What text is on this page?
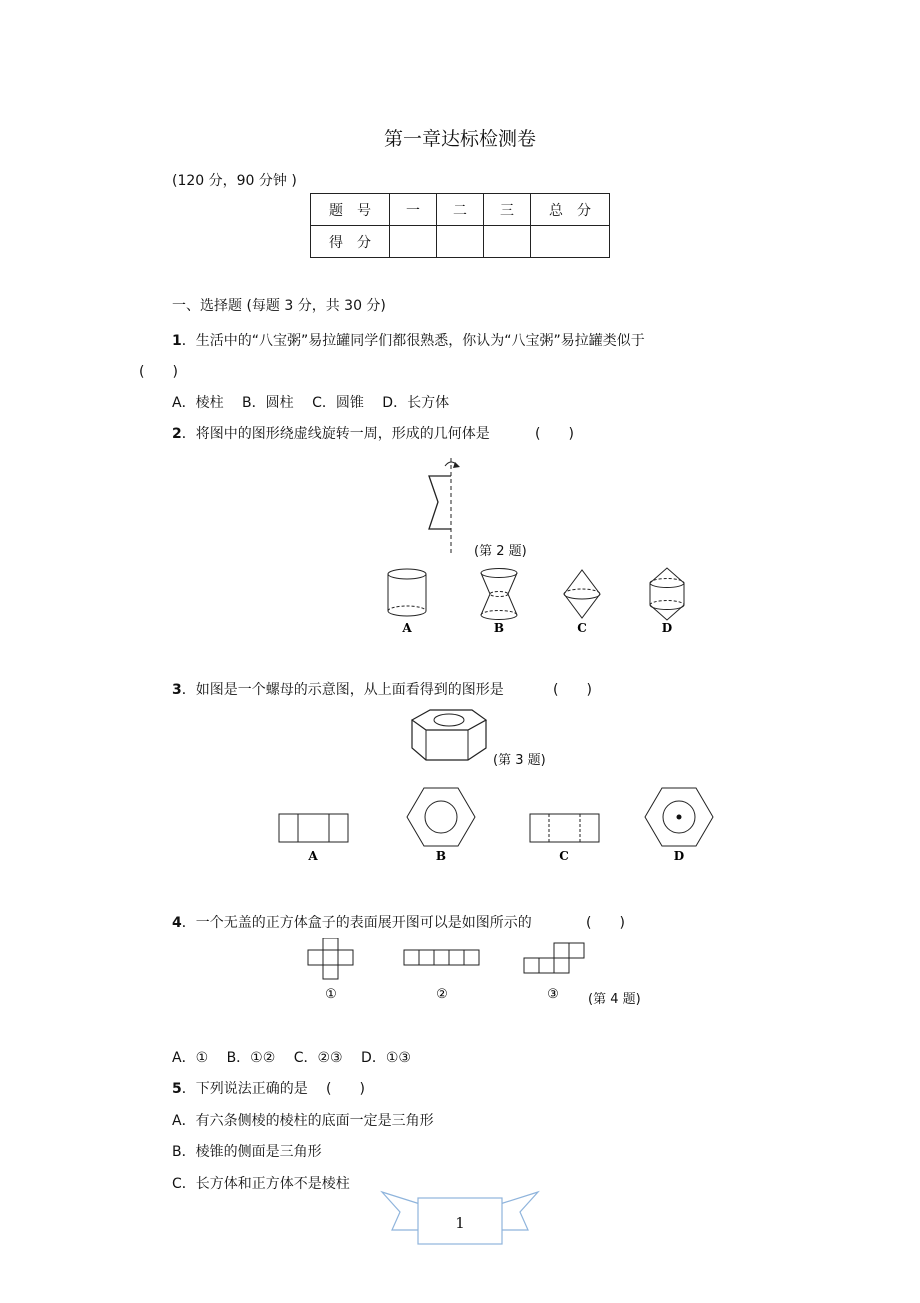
第一章达标检测卷
(120 分，90 分钟 )
题　号	一	二	三	总　分
得　分				
一、选择题 (每题 3 分，共 30 分)
1．生活中的“八宝粥”易拉罐同学们都很熟悉，你认为“八宝粥”易拉罐类似于
(　　)
A．棱柱　 B．圆柱　 C．圆锥　 D．长方体
2．将图中的图形绕虚线旋转一周，形成的几何体是	(　　)
(第 2 题)
A	B	C	D
3．如图是一个螺母的示意图，从上面看得到的图形是	(　　)
(第 3 题)
A	B	C	D
4．一个无盖的正方体盒子的表面展开图可以是如图所示的	(　　)
①	②	③ (第 4 题)
A．①　 B．①②　 C．②③　 D．①③
5．下列说法正确的是 (　　)
A．有六条侧棱的棱柱的底面一定是三角形
B．棱锥的侧面是三角形
C．长方体和正方体不是棱柱
1
